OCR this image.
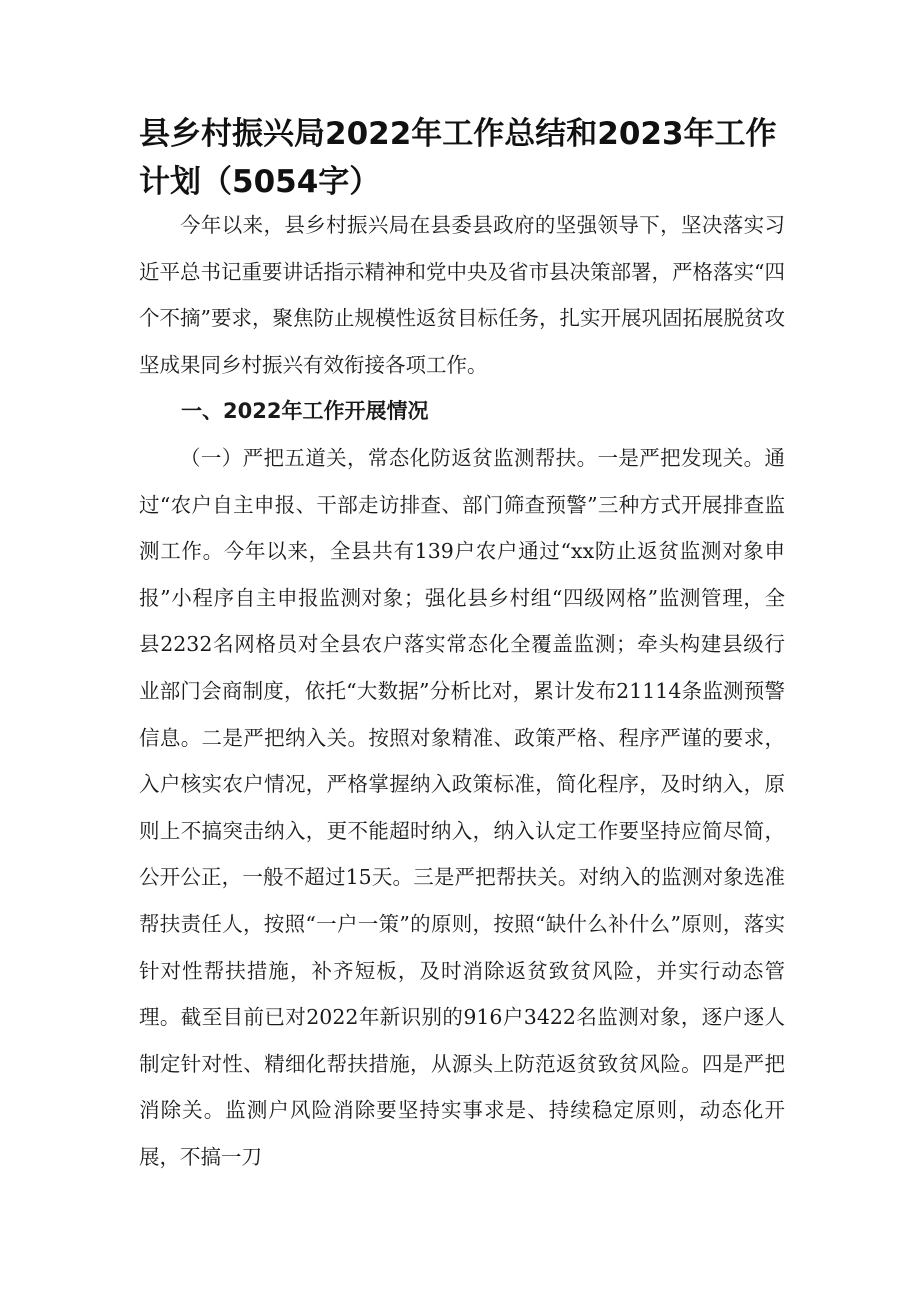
县乡村振兴局2022年工作总结和2023年工作计划（5054字）

今年以来，县乡村振兴局在县委县政府的坚强领导下，坚决落实习近平总书记重要讲话指示精神和党中央及省市县决策部署，严格落实“四个不摘”要求，聚焦防止规模性返贫目标任务，扎实开展巩固拓展脱贫攻坚成果同乡村振兴有效衔接各项工作。

一、2022年工作开展情况

（一）严把五道关，常态化防返贫监测帮扶。一是严把发现关。通过“农户自主申报、干部走访排查、部门筛查预警”三种方式开展排查监测工作。今年以来，全县共有139户农户通过“xx防止返贫监测对象申报”小程序自主申报监测对象；强化县乡村组“四级网格”监测管理，全县2232名网格员对全县农户落实常态化全覆盖监测；牵头构建县级行业部门会商制度，依托“大数据”分析比对，累计发布21114条监测预警信息。二是严把纳入关。按照对象精准、政策严格、程序严谨的要求，入户核实农户情况，严格掌握纳入政策标准，简化程序，及时纳入，原则上不搞突击纳入，更不能超时纳入，纳入认定工作要坚持应简尽简，公开公正，一般不超过15天。三是严把帮扶关。对纳入的监测对象选准帮扶责任人，按照“一户一策”的原则，按照“缺什么补什么”原则，落实针对性帮扶措施，补齐短板，及时消除返贫致贫风险，并实行动态管理。截至目前已对2022年新识别的916户3422名监测对象，逐户逐人制定针对性、精细化帮扶措施，从源头上防范返贫致贫风险。四是严把消除关。监测户风险消除要坚持实事求是、持续稳定原则，动态化开展，不搞一刀
